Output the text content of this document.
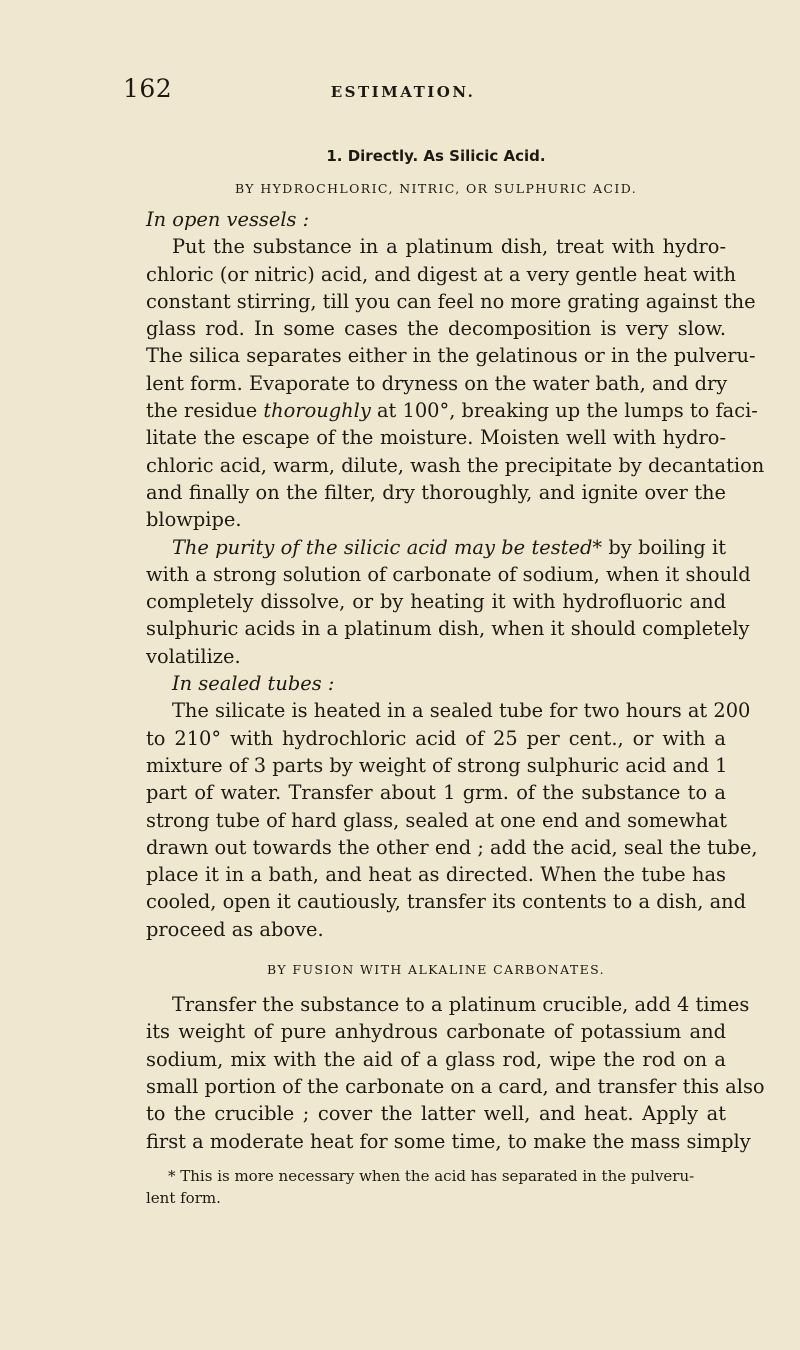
162	ESTIMATION.
1. Directly. As Silicic Acid.
BY HYDROCHLORIC, NITRIC, OR SULPHURIC ACID.
In open vessels :
Put the substance in a platinum dish, treat with hydro-
chloric (or nitric) acid, and digest at a very gentle heat with
constant stirring, till you can feel no more grating against the
glass rod. In some cases the decomposition is very slow.
The silica separates either in the gelatinous or in the pulveru-
lent form. Evaporate to dryness on the water bath, and dry
the residue thoroughly at 100°, breaking up the lumps to faci-
litate the escape of the moisture. Moisten well with hydro-
chloric acid, warm, dilute, wash the precipitate by decantation
and finally on the filter, dry thoroughly, and ignite over the
blowpipe.
The purity of the silicic acid may be tested* by boiling it
with a strong solution of carbonate of sodium, when it should
completely dissolve, or by heating it with hydrofluoric and
sulphuric acids in a platinum dish, when it should completely
volatilize.
In sealed tubes :
The silicate is heated in a sealed tube for two hours at 200
to 210° with hydrochloric acid of 25 per cent., or with a
mixture of 3 parts by weight of strong sulphuric acid and 1
part of water. Transfer about 1 grm. of the substance to a
strong tube of hard glass, sealed at one end and somewhat
drawn out towards the other end ; add the acid, seal the tube,
place it in a bath, and heat as directed. When the tube has
cooled, open it cautiously, transfer its contents to a dish, and
proceed as above.
BY FUSION WITH ALKALINE CARBONATES.
Transfer the substance to a platinum crucible, add 4 times
its weight of pure anhydrous carbonate of potassium and
sodium, mix with the aid of a glass rod, wipe the rod on a
small portion of the carbonate on a card, and transfer this also
to the crucible ; cover the latter well, and heat. Apply at
first a moderate heat for some time, to make the mass simply
* This is more necessary when the acid has separated in the pulveru-
lent form.
